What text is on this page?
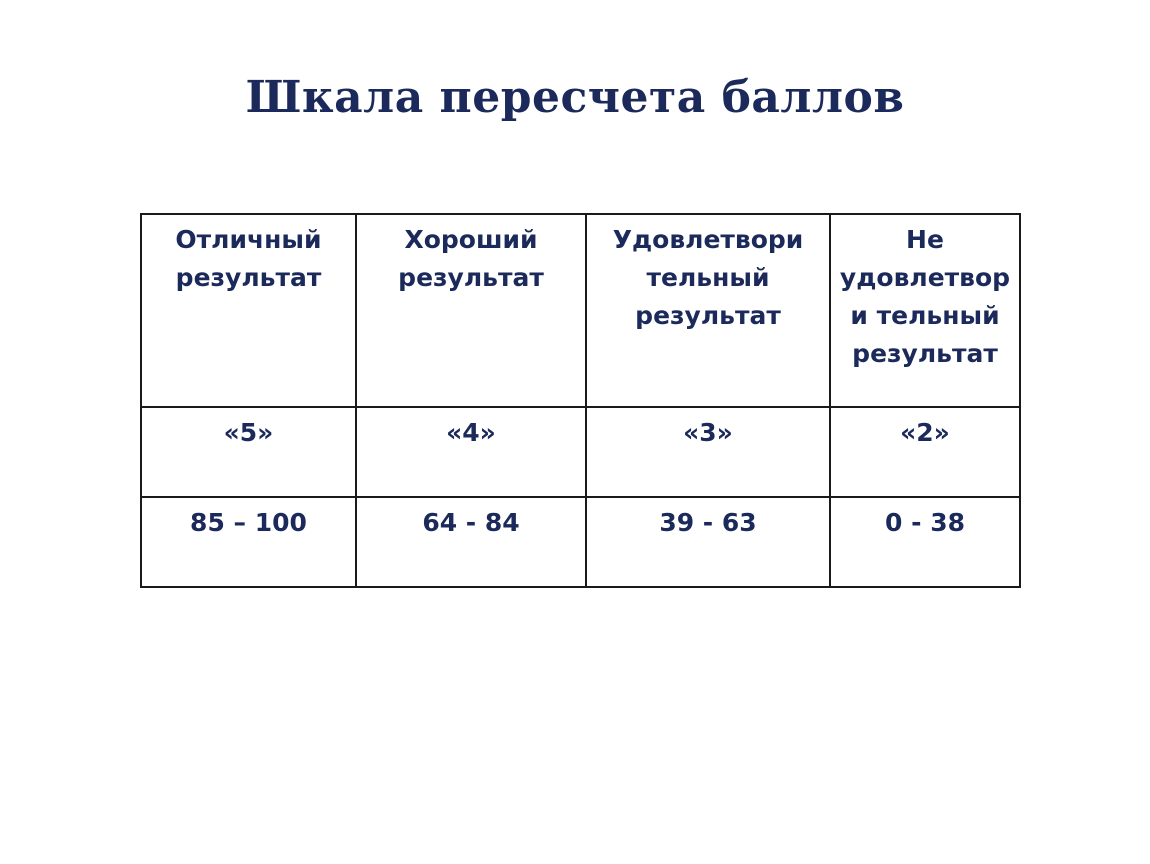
Шкала пересчета баллов
Отличный результат	Хороший результат	Удовлетвори тельный результат	Не удовлетвор и тельный результат

«5»	«4»	«3»	«2»
85 – 100	64 - 84	39 - 63	0 - 38
